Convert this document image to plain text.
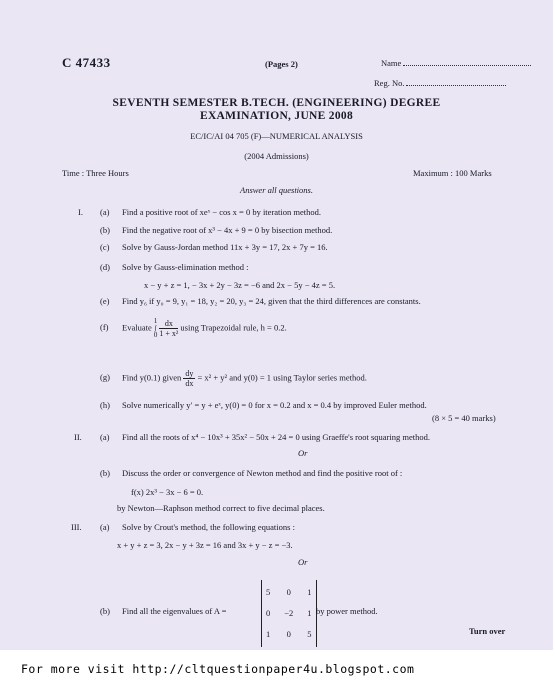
C 47433	(Pages 2)	Name
Reg. No.
SEVENTH SEMESTER B.TECH. (ENGINEERING) DEGREE
EXAMINATION, JUNE 2008
EC/IC/AI 04 705 (F)—NUMERICAL ANALYSIS
(2004 Admissions)
Time : Three Hours	Maximum : 100 Marks
Answer all questions.
I. (a) Find a positive root of xeˣ − cos x = 0 by iteration method.
(b) Find the negative root of x³ − 4x + 9 = 0 by bisection method.
(c) Solve by Gauss-Jordan method 11x + 3y = 17, 2x + 7y = 16.
(d) Solve by Gauss-elimination method :
x − y + z = 1, − 3x + 2y − 3z = −6 and 2x − 5y − 4z = 5.
(e) Find y₆ if y₀ = 9, y₁ = 18, y₂ = 20, y₃ = 24, given that the third differences are constants.
(f) Evaluate 1
∫
$0 \frac{dx}{\text{1 + x²}}$ using Trapezoidal rule, h = 0.2.
(g) Find y(0.1) given $\frac{dy}{dx} = x^2 + y^2$ and y(0) = 1 using Taylor series method.
(h) Solve numerically y′ = y + eˣ, y(0) = 0 for x = 0.2 and x = 0.4 by improved Euler method.
(8 × 5 = 40 marks)
II. (a) Find all the roots of x⁴ − 10x³ + 35x² − 50x + 24 = 0 using Graeffe's root squaring method.
Or
(b) Discuss the order or convergence of Newton method and find the positive root of :
f(x) 2x³ − 3x − 6 = 0.
by Newton—Raphson method correct to five decimal places.
III. (a) Solve by Crout's method, the following equations :
x + y + z = 3, 2x − y + 3z = 16 and 3x + y − z = −3.
Or
(b) Find all the eigenvalues of A =
5 0 1
0 −2 1
1 0 5
by power method.
Turn over
For more visit http://cltquestionpaper4u.blogspot.com
